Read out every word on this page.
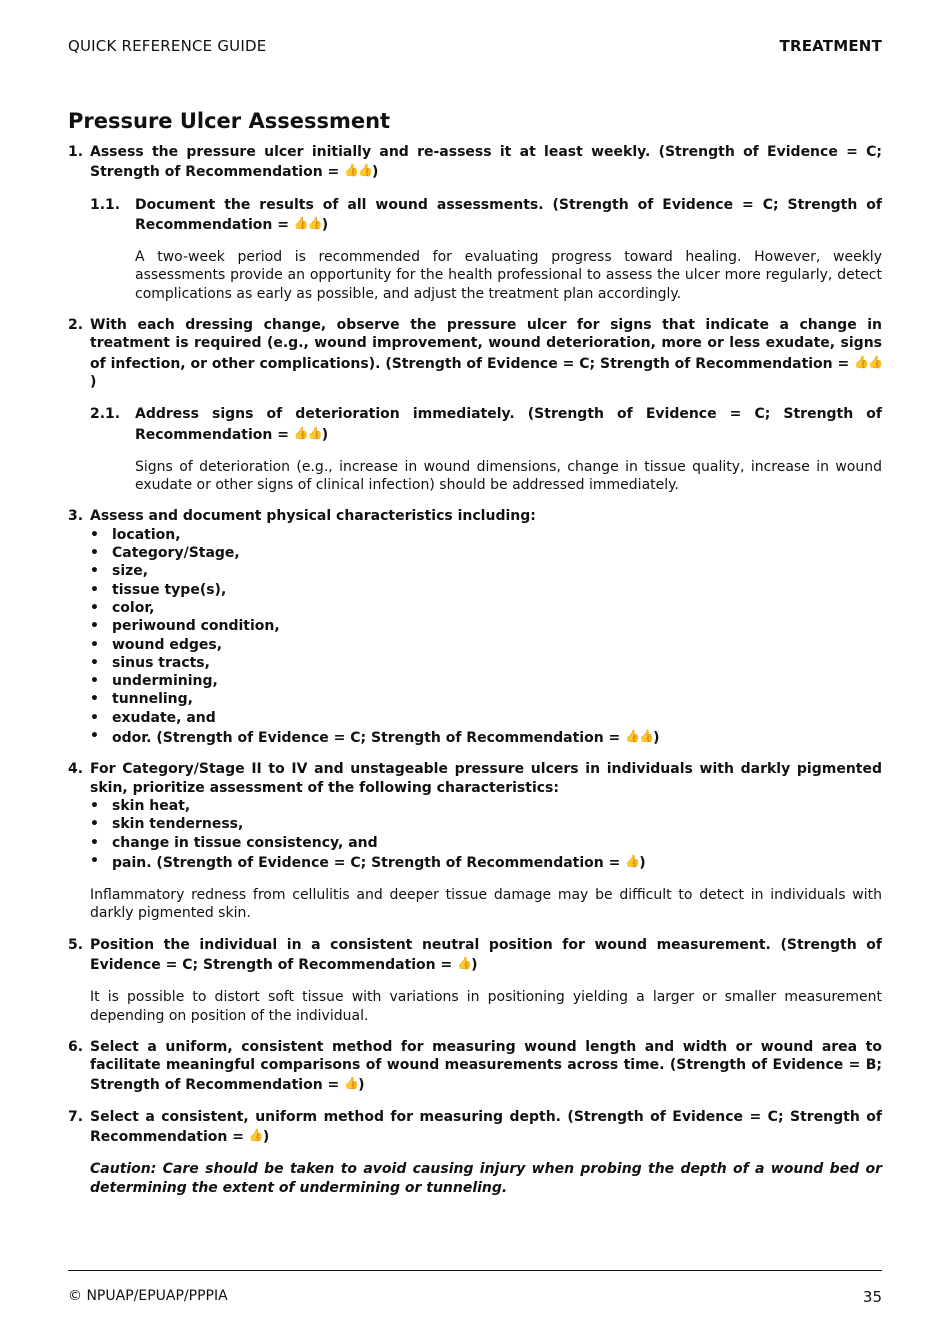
QUICK REFERENCE GUIDE	TREATMENT
Pressure Ulcer Assessment
1. Assess the pressure ulcer initially and re-assess it at least weekly. (Strength of Evidence = C; Strength of Recommendation = 👍👍)
1.1.	Document the results of all wound assessments. (Strength of Evidence = C; Strength of Recommendation = 👍👍)
A two-week period is recommended for evaluating progress toward healing. However, weekly assessments provide an opportunity for the health professional to assess the ulcer more regularly, detect complications as early as possible, and adjust the treatment plan accordingly.
2. With each dressing change, observe the pressure ulcer for signs that indicate a change in treatment is required (e.g., wound improvement, wound deterioration, more or less exudate, signs of infection, or other complications). (Strength of Evidence = C; Strength of Recommendation = 👍👍)
2.1.	Address signs of deterioration immediately. (Strength of Evidence = C; Strength of Recommendation = 👍👍)
Signs of deterioration (e.g., increase in wound dimensions, change in tissue quality, increase in wound exudate or other signs of clinical infection) should be addressed immediately.
3. Assess and document physical characteristics including:
• location,
• Category/Stage,
• size,
• tissue type(s),
• color,
• periwound condition,
• wound edges,
• sinus tracts,
• undermining,
• tunneling,
• exudate, and
• odor. (Strength of Evidence = C; Strength of Recommendation = 👍👍)
4. For Category/Stage II to IV and unstageable pressure ulcers in individuals with darkly pigmented skin, prioritize assessment of the following characteristics:
• skin heat,
• skin tenderness,
• change in tissue consistency, and
• pain. (Strength of Evidence = C; Strength of Recommendation = 👍)
Inflammatory redness from cellulitis and deeper tissue damage may be difficult to detect in individuals with darkly pigmented skin.
5. Position the individual in a consistent neutral position for wound measurement. (Strength of Evidence = C; Strength of Recommendation = 👍)
It is possible to distort soft tissue with variations in positioning yielding a larger or smaller measurement depending on position of the individual.
6. Select a uniform, consistent method for measuring wound length and width or wound area to facilitate meaningful comparisons of wound measurements across time. (Strength of Evidence = B; Strength of Recommendation = 👍)
7. Select a consistent, uniform method for measuring depth. (Strength of Evidence = C; Strength of Recommendation = 👍)
Caution: Care should be taken to avoid causing injury when probing the depth of a wound bed or determining the extent of undermining or tunneling.
© NPUAP/EPUAP/PPPIA	35
